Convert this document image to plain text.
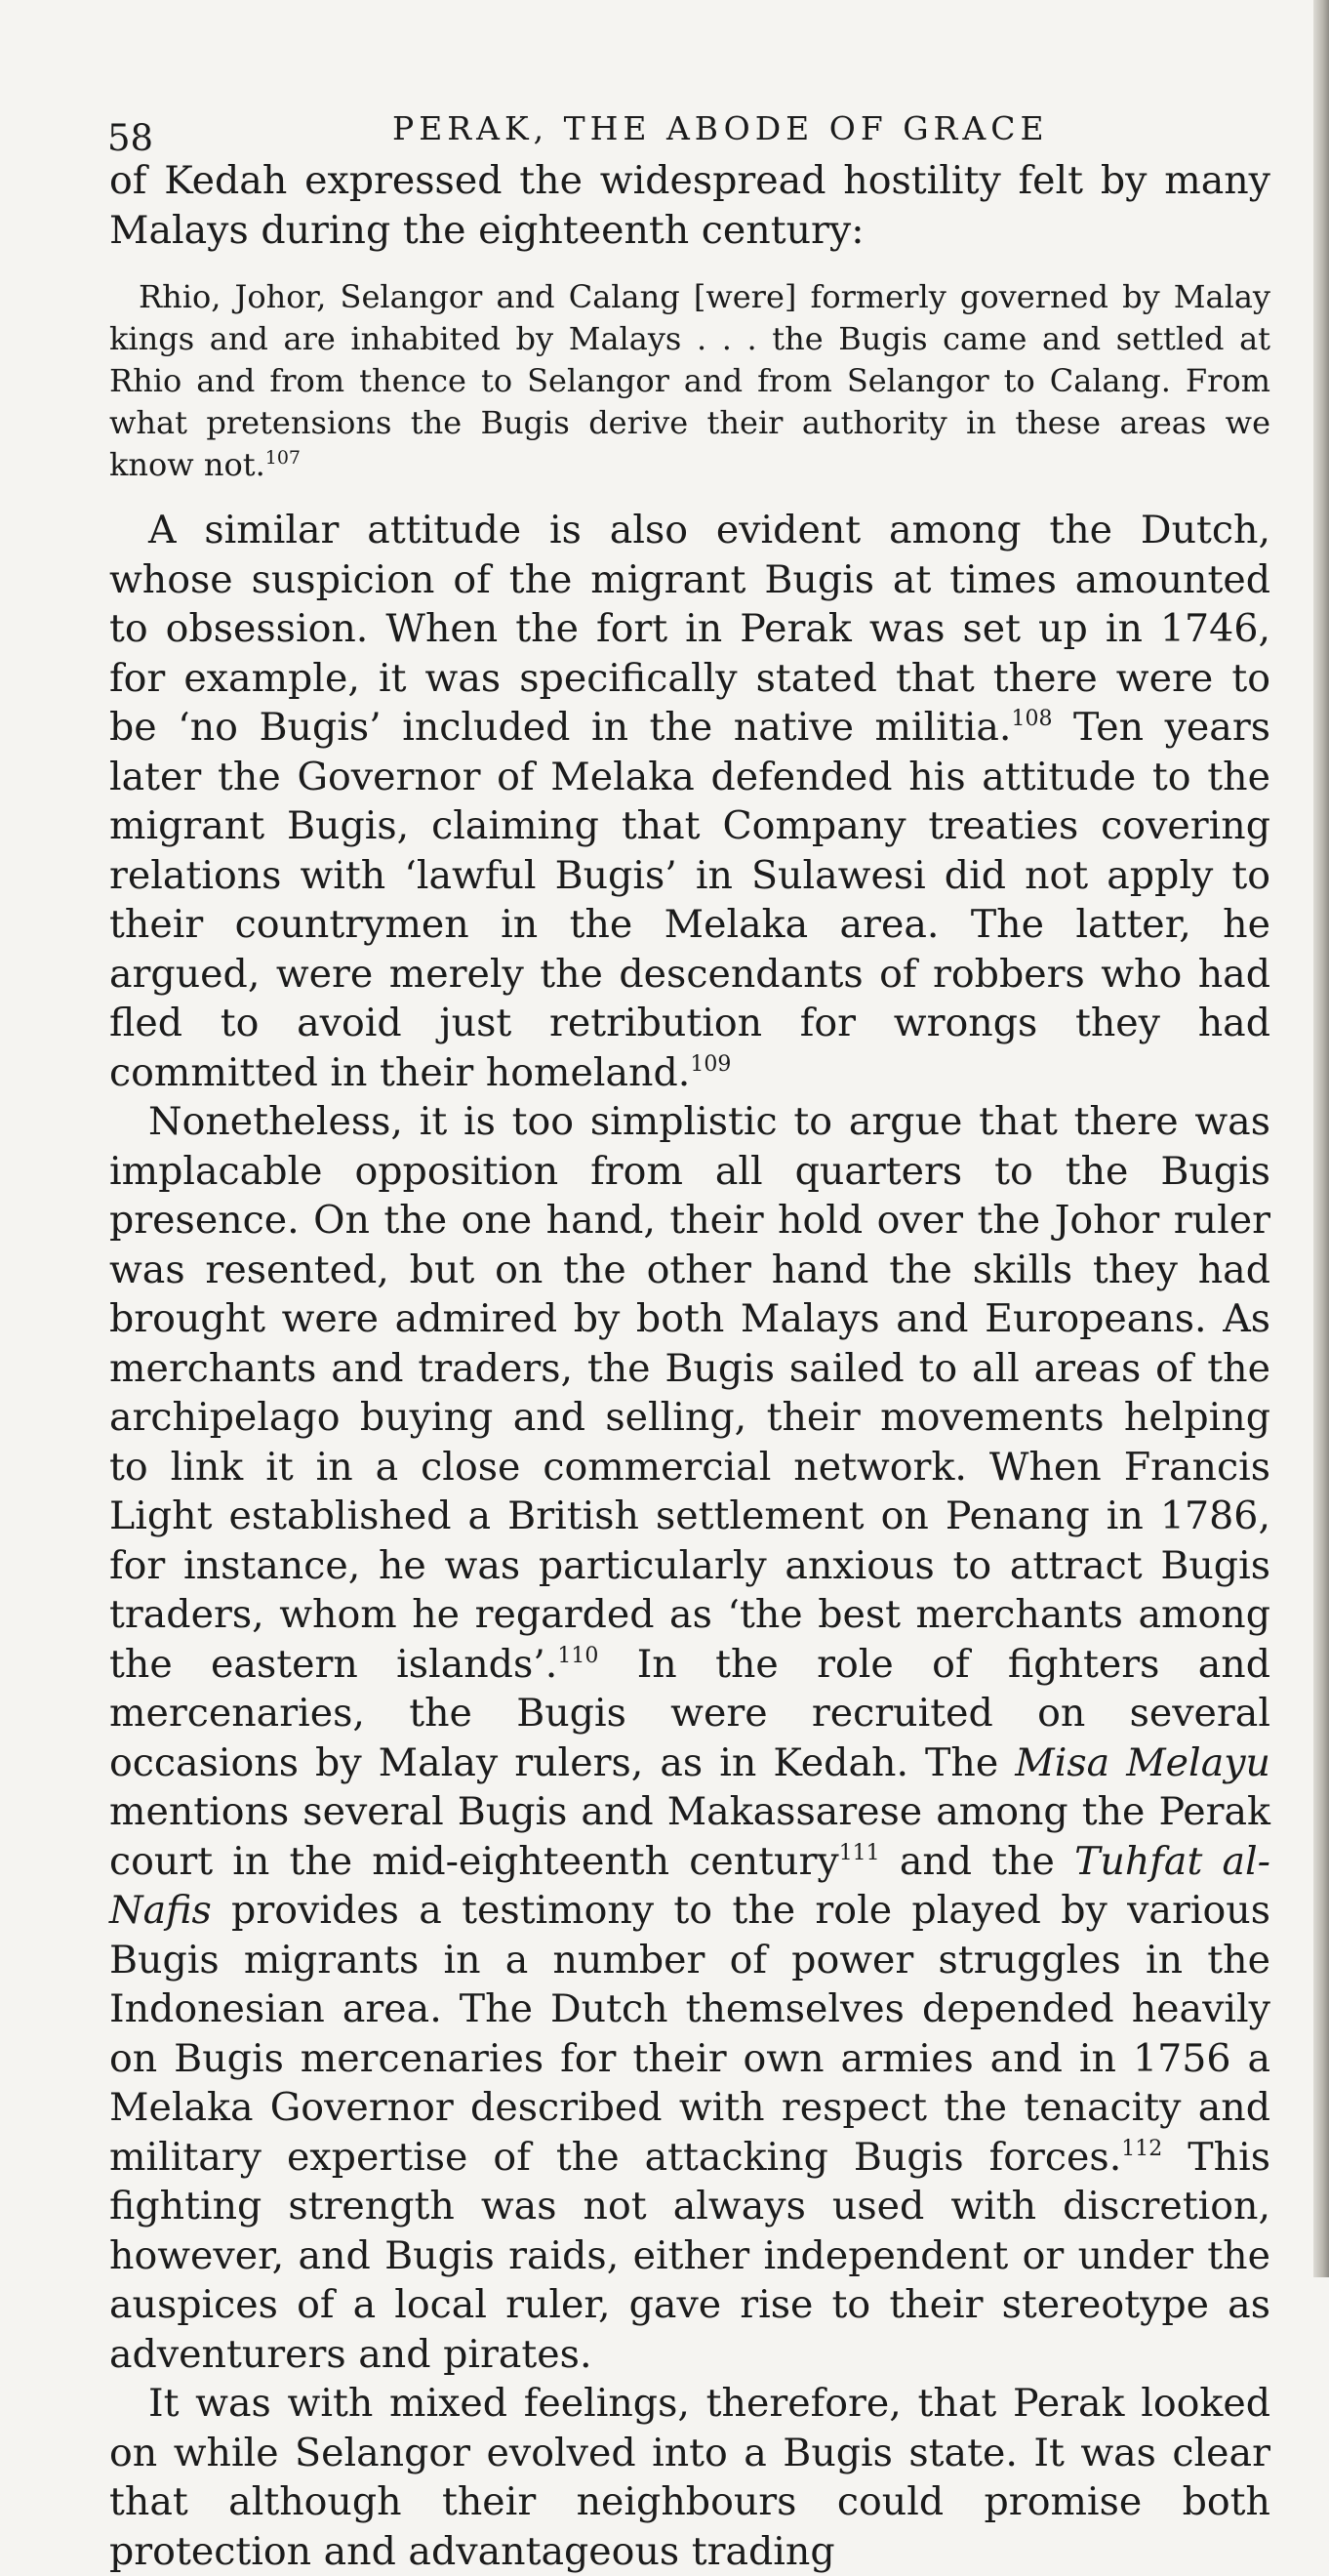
58	PERAK, THE ABODE OF GRACE

of Kedah expressed the widespread hostility felt by many Malays during the eighteenth century:

Rhio, Johor, Selangor and Calang [were] formerly governed by Malay kings and are inhabited by Malays . . . the Bugis came and settled at Rhio and from thence to Selangor and from Selangor to Calang. From what pretensions the Bugis derive their authority in these areas we know not.$^{107}$

A similar attitude is also evident among the Dutch, whose suspicion of the migrant Bugis at times amounted to obsession. When the fort in Perak was set up in 1746, for example, it was specifically stated that there were to be ‘no Bugis’ included in the native militia.$^{108}$ Ten years later the Governor of Melaka defended his attitude to the migrant Bugis, claiming that Company treaties covering relations with ‘lawful Bugis’ in Sulawesi did not apply to their countrymen in the Melaka area. The latter, he argued, were merely the descendants of robbers who had fled to avoid just retribution for wrongs they had committed in their homeland.$^{109}$

Nonetheless, it is too simplistic to argue that there was implacable opposition from all quarters to the Bugis presence. On the one hand, their hold over the Johor ruler was resented, but on the other hand the skills they had brought were admired by both Malays and Europeans. As merchants and traders, the Bugis sailed to all areas of the archipelago buying and selling, their movements helping to link it in a close commercial network. When Francis Light established a British settlement on Penang in 1786, for instance, he was particularly anxious to attract Bugis traders, whom he regarded as ‘the best merchants among the eastern islands’.$^{110}$ In the role of fighters and mercenaries, the Bugis were recruited on several occasions by Malay rulers, as in Kedah. The Misa Melayu mentions several Bugis and Makassarese among the Perak court in the mid-eighteenth century$^{111}$ and the Tuhfat al-Nafis provides a testimony to the role played by various Bugis migrants in a number of power struggles in the Indonesian area. The Dutch themselves depended heavily on Bugis mercenaries for their own armies and in 1756 a Melaka Governor described with respect the tenacity and military expertise of the attacking Bugis forces.$^{112}$ This fighting strength was not always used with discretion, however, and Bugis raids, either independent or under the auspices of a local ruler, gave rise to their stereotype as adventurers and pirates.

It was with mixed feelings, therefore, that Perak looked on while Selangor evolved into a Bugis state. It was clear that although their neighbours could promise both protection and advantageous trading
